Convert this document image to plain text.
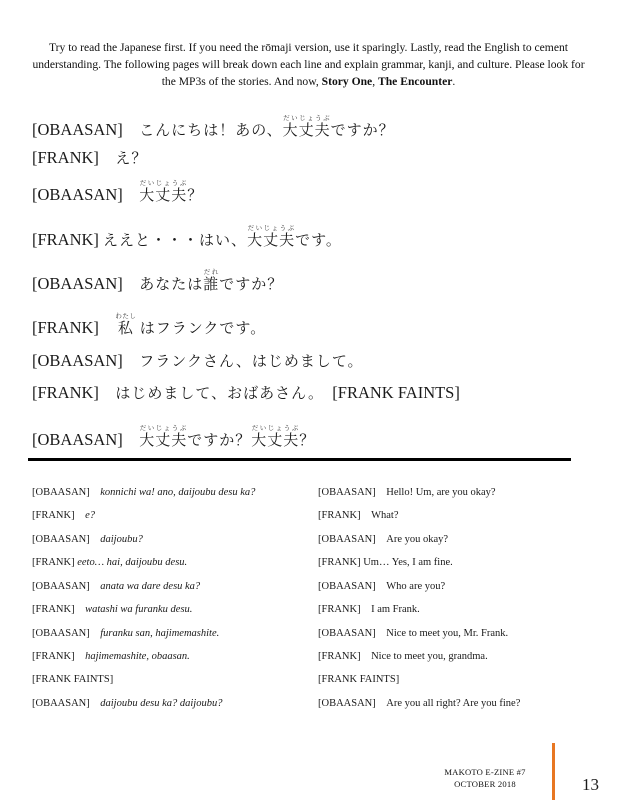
Try to read the Japanese first. If you need the rōmaji version, use it sparingly. Lastly, read the English to cement understanding. The following pages will break down each line and explain grammar, kanji, and culture. Please look for the MP3s of the stories. And now, Story One, The Encounter.
[OBAASAN] こんにちは！あの、大丈夫だいじょうぶですか？
[FRANK] え？
[OBAASAN] 大丈夫だいじょうぶ？
[FRANK] ええと・・・はい、大丈夫だいじょうぶです。
[OBAASAN] あなたは誰だれですか？
[FRANK] 私わたし はフランクです。
[OBAASAN] フランクさん、はじめまして。
[FRANK] はじめまして、おばあさん。 [FRANK FAINTS]
[OBAASAN] 大丈夫だいじょうぶですか？大丈夫だいじょうぶ？
[OBAASAN] konnichi wa! ano, daijoubu desu ka?
[FRANK] e?
[OBAASAN] daijoubu?
[FRANK] eeto… hai, daijoubu desu.
[OBAASAN] anata wa dare desu ka?
[FRANK] watashi wa furanku desu.
[OBAASAN] furanku san, hajimemashite.
[FRANK] hajimemashite, obaasan.
[FRANK FAINTS]
[OBAASAN] daijoubu desu ka? daijoubu?
[OBAASAN] Hello! Um, are you okay?
[FRANK] What?
[OBAASAN] Are you okay?
[FRANK] Um… Yes, I am fine.
[OBAASAN] Who are you?
[FRANK] I am Frank.
[OBAASAN] Nice to meet you, Mr. Frank.
[FRANK] Nice to meet you, grandma.
[FRANK FAINTS]
[OBAASAN] Are you all right? Are you fine?
MAKOTO E-ZINE #7
OCTOBER 2018	13
